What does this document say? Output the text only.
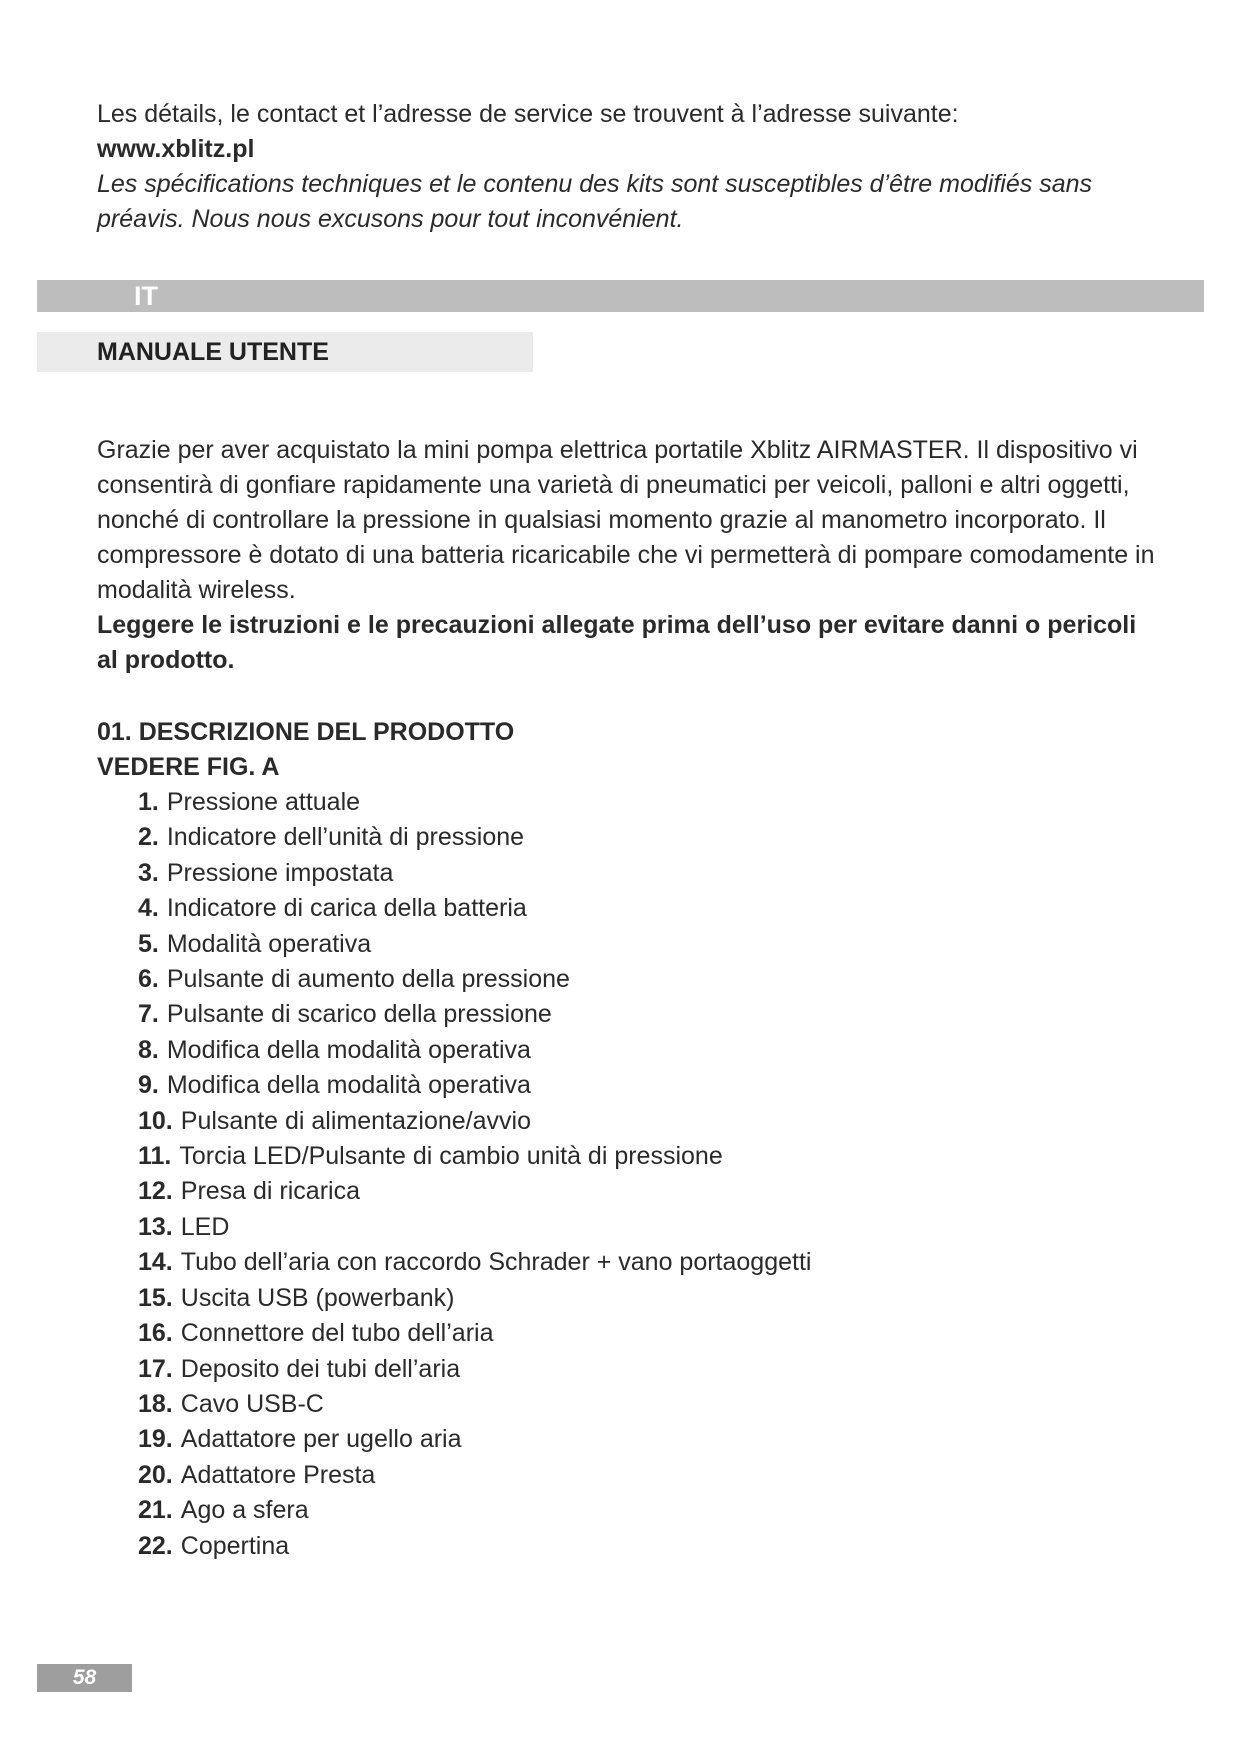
Les détails, le contact et l’adresse de service se trouvent à l’adresse suivante:

www.xblitz.pl

Les spécifications techniques et le contenu des kits sont susceptibles d’être modifiés sans préavis. Nous nous excusons pour tout inconvénient.

IT
MANUALE UTENTE

Grazie per aver acquistato la mini pompa elettrica portatile Xblitz AIRMASTER. Il dispositivo vi consentirà di gonfiare rapidamente una varietà di pneumatici per veicoli, palloni e altri oggetti, nonché di controllare la pressione in qualsiasi momento grazie al manometro incorporato. Il compressore è dotato di una batteria ricaricabile che vi permetterà di pompare comodamente in modalità wireless.

Leggere le istruzioni e le precauzioni allegate prima dell’uso per evitare danni o pericoli al prodotto.

01. DESCRIZIONE DEL PRODOTTO
VEDERE FIG. A
1. Pressione attuale
2. Indicatore dell’unità di pressione
3. Pressione impostata
4. Indicatore di carica della batteria
5. Modalità operativa
6. Pulsante di aumento della pressione
7. Pulsante di scarico della pressione
8. Modifica della modalità operativa
9. Modifica della modalità operativa
10. Pulsante di alimentazione/avvio
11. Torcia LED/Pulsante di cambio unità di pressione
12. Presa di ricarica
13. LED
14. Tubo dell’aria con raccordo Schrader + vano portaoggetti
15. Uscita USB (powerbank)
16. Connettore del tubo dell’aria
17. Deposito dei tubi dell’aria
18. Cavo USB-C
19. Adattatore per ugello aria
20. Adattatore Presta
21. Ago a sfera
22. Copertina
58
